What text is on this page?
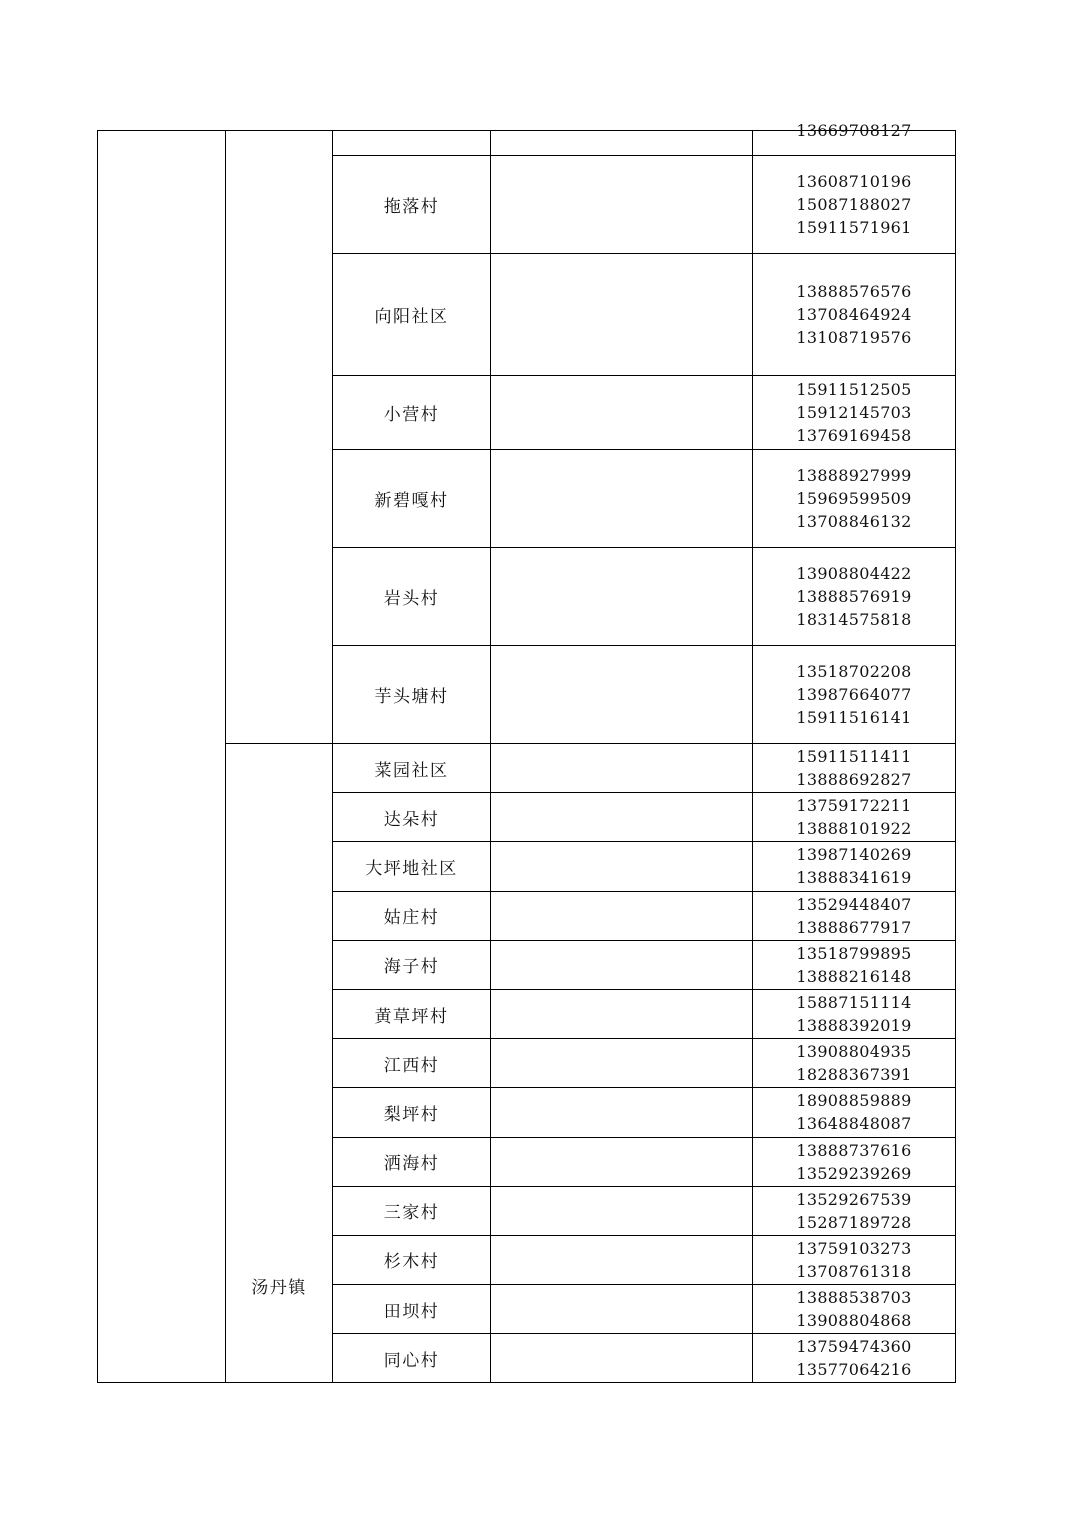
				13669708127

		拖落村		13608710196
15087188027
15911571961

		向阳社区		13888576576
13708464924
13108719576

		小营村		15911512505
15912145703
13769169458

		新碧嘎村		13888927999
15969599509
13708846132

		岩头村		13908804422
13888576919
18314575818

		芋头塘村		13518702208
13987664077
15911516141

	汤丹镇	菜园社区		15911511411
13888692827

		达朵村		13759172211
13888101922

		大坪地社区		13987140269
13888341619

		姑庄村		13529448407
13888677917

		海子村		13518799895
13888216148

		黄草坪村		15887151114
13888392019

		江西村		13908804935
18288367391

		梨坪村		18908859889
13648848087

		洒海村		13888737616
13529239269

		三家村		13529267539
15287189728

		杉木村		13759103273
13708761318

		田坝村		13888538703
13908804868

		同心村		13759474360
13577064216
